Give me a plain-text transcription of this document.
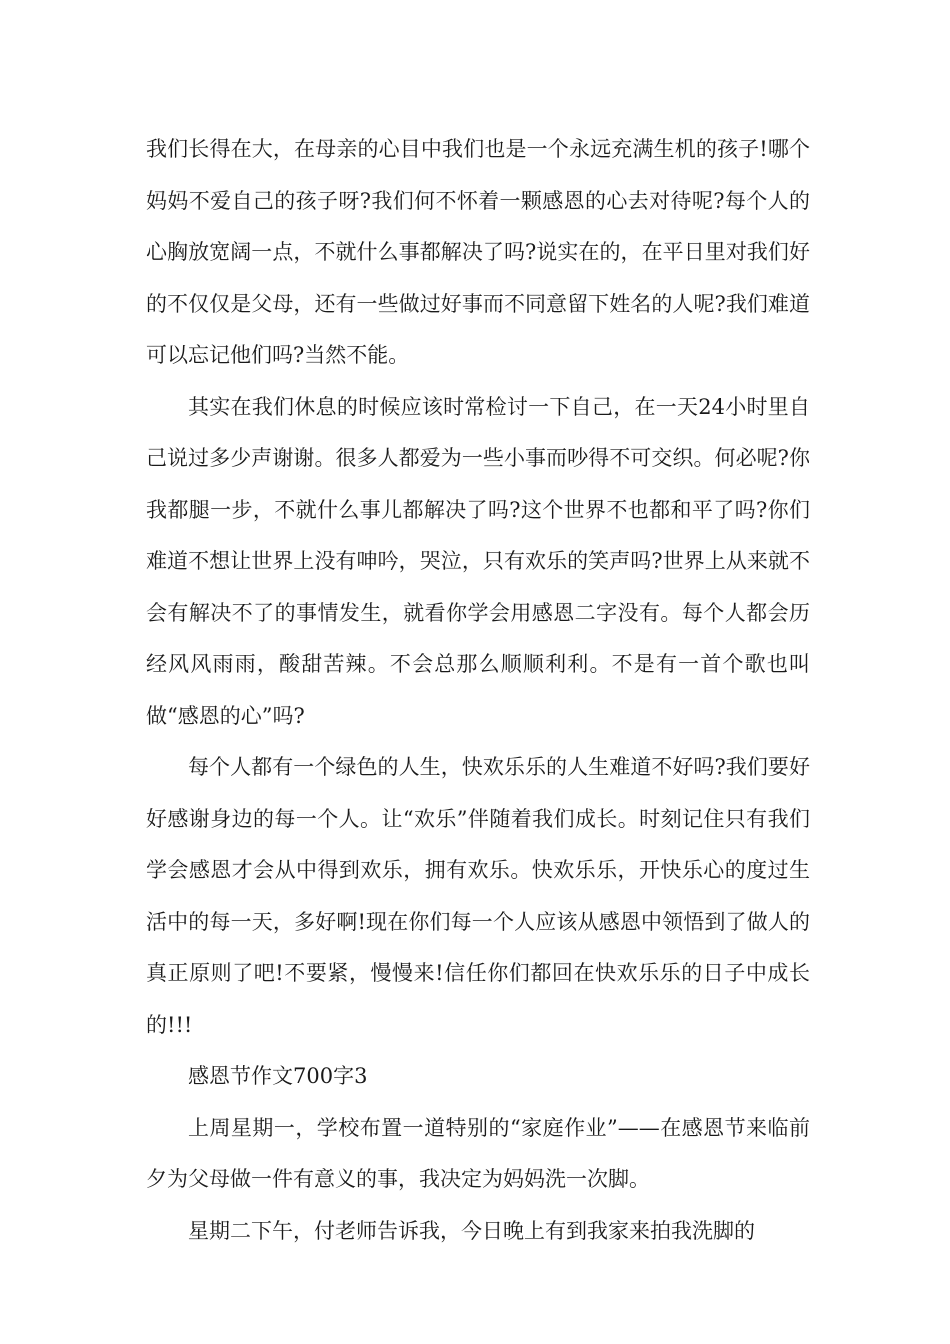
我们长得在大，在母亲的心目中我们也是一个永远充满生机的孩子!哪个妈妈不爱自己的孩子呀?我们何不怀着一颗感恩的心去对待呢?每个人的心胸放宽阔一点，不就什么事都解决了吗?说实在的，在平日里对我们好的不仅仅是父母，还有一些做过好事而不同意留下姓名的人呢?我们难道可以忘记他们吗?当然不能。

其实在我们休息的时候应该时常检讨一下自己，在一天24小时里自己说过多少声谢谢。很多人都爱为一些小事而吵得不可交织。何必呢?你我都腿一步，不就什么事儿都解决了吗?这个世界不也都和平了吗?你们难道不想让世界上没有呻吟，哭泣，只有欢乐的笑声吗?世界上从来就不会有解决不了的事情发生，就看你学会用感恩二字没有。每个人都会历经风风雨雨，酸甜苦辣。不会总那么顺顺利利。不是有一首个歌也叫做“感恩的心”吗?

每个人都有一个绿色的人生，快欢乐乐的人生难道不好吗?我们要好好感谢身边的每一个人。让“欢乐”伴随着我们成长。时刻记住只有我们学会感恩才会从中得到欢乐，拥有欢乐。快欢乐乐，开快乐心的度过生活中的每一天，多好啊!现在你们每一个人应该从感恩中领悟到了做人的真正原则了吧!不要紧，慢慢来!信任你们都回在快欢乐乐的日子中成长的!!!

感恩节作文700字3

上周星期一，学校布置一道特别的“家庭作业”——在感恩节来临前夕为父母做一件有意义的事，我决定为妈妈洗一次脚。

星期二下午，付老师告诉我，今日晚上有到我家来拍我洗脚的
